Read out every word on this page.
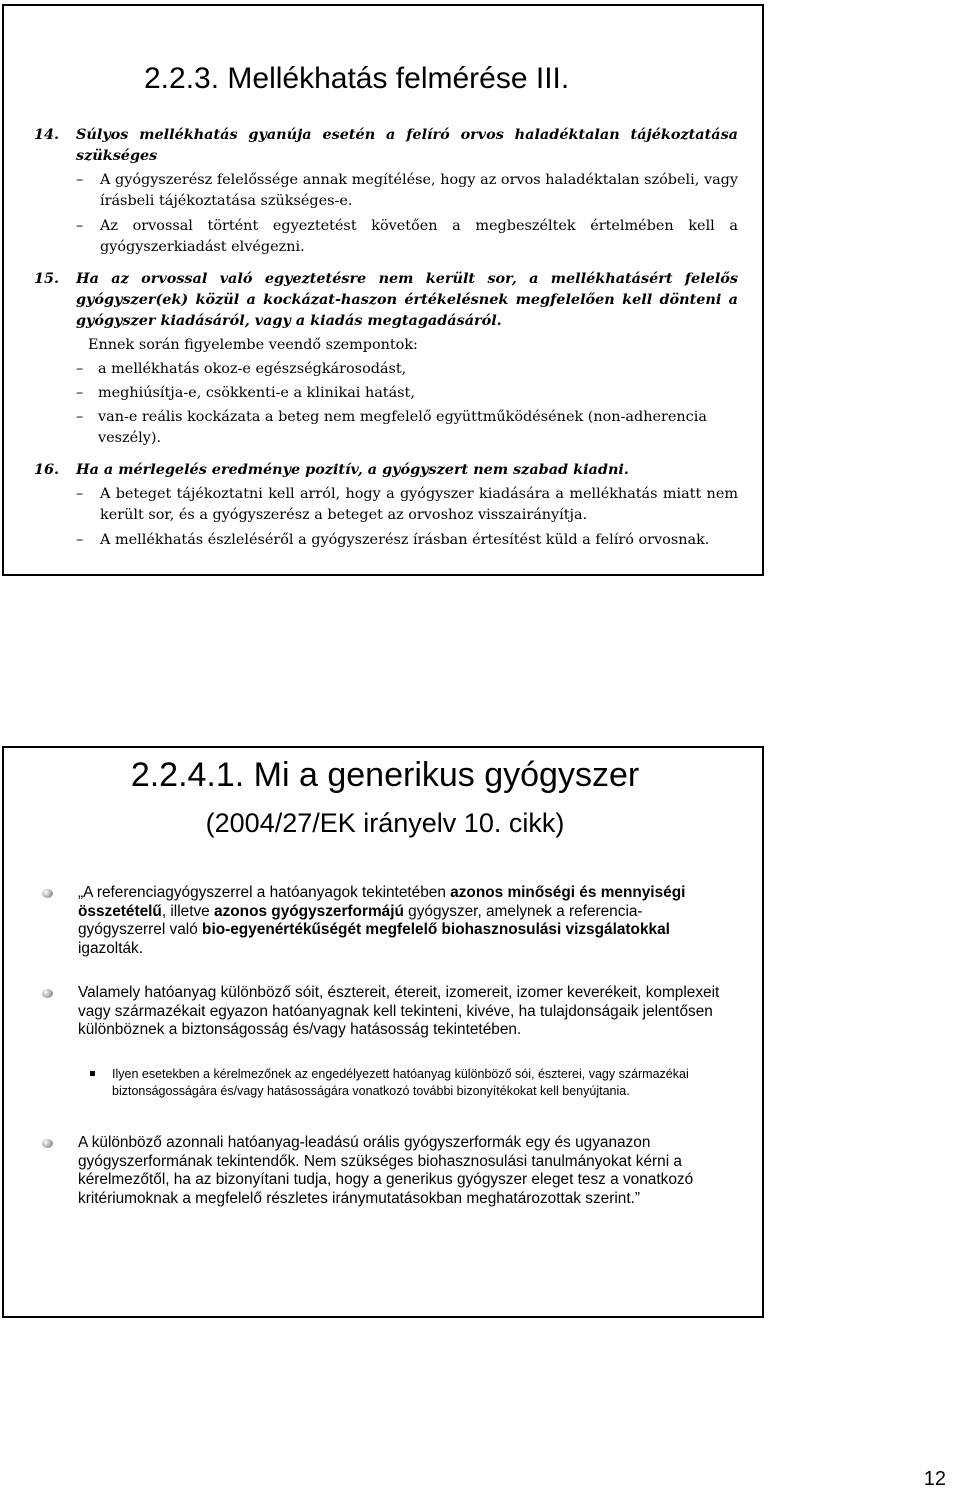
2.2.3. Mellékhatás felmérése III.
14. Súlyos mellékhatás gyanúja esetén a felíró orvos haladéktalan tájékoztatása szükséges
– A gyógyszerész felelőssége annak megítélése, hogy az orvos haladéktalan szóbeli, vagy írásbeli tájékoztatása szükséges-e.
– Az orvossal történt egyeztetést követően a megbeszéltek értelmében kell a gyógyszerkiadást elvégezni.
15. Ha az orvossal való egyeztetésre nem került sor, a mellékhatásért felelős gyógyszer(ek) közül a kockázat-haszon értékelésnek megfelelően kell dönteni a gyógyszer kiadásáról, vagy a kiadás megtagadásáról.
Ennek során figyelembe veendő szempontok:
– a mellékhatás okoz-e egészségkárosodást,
– meghiúsítja-e, csökkenti-e a klinikai hatást,
– van-e reális kockázata a beteg nem megfelelő együttműködésének (non-adherencia veszély).
16. Ha a mérlegelés eredménye pozitív, a gyógyszert nem szabad kiadni.
– A beteget tájékoztatni kell arról, hogy a gyógyszer kiadására a mellékhatás miatt nem került sor, és a gyógyszerész a beteget az orvoshoz visszairányítja.
– A mellékhatás észleléséről a gyógyszerész írásban értesítést küld a felíró orvosnak.
2.2.4.1. Mi a generikus gyógyszer
(2004/27/EK irányelv 10. cikk)
„A referenciagyógyszerrel a hatóanyagok tekintetében azonos minőségi és mennyiségi összetételű, illetve azonos gyógyszerformájú gyógyszer, amelynek a referencia-gyógyszerrel való bio-egyenértékűségét megfelelő biohasznosulási vizsgálatokkal igazolták.
Valamely hatóanyag különböző sóit, észtereit, étereit, izomereit, izomer keverékeit, komplexeit vagy származékait egyazon hatóanyagnak kell tekinteni, kivéve, ha tulajdonságaik jelentősen különböznek a biztonságosság és/vagy hatásosság tekintetében.
Ilyen esetekben a kérelmezőnek az engedélyezett hatóanyag különböző sói, észterei, vagy származékai biztonságosságára és/vagy hatásosságára vonatkozó további bizonyítékokat kell benyújtania.
A különböző azonnali hatóanyag-leadású orális gyógyszerformák egy és ugyanazon gyógyszerformának tekintendők. Nem szükséges biohasznosulási tanulmányokat kérni a kérelmezőtől, ha az bizonyítani tudja, hogy a generikus gyógyszer eleget tesz a vonatkozó kritériumoknak a megfelelő részletes iránymutatásokban meghatározottak szerint.”
12
